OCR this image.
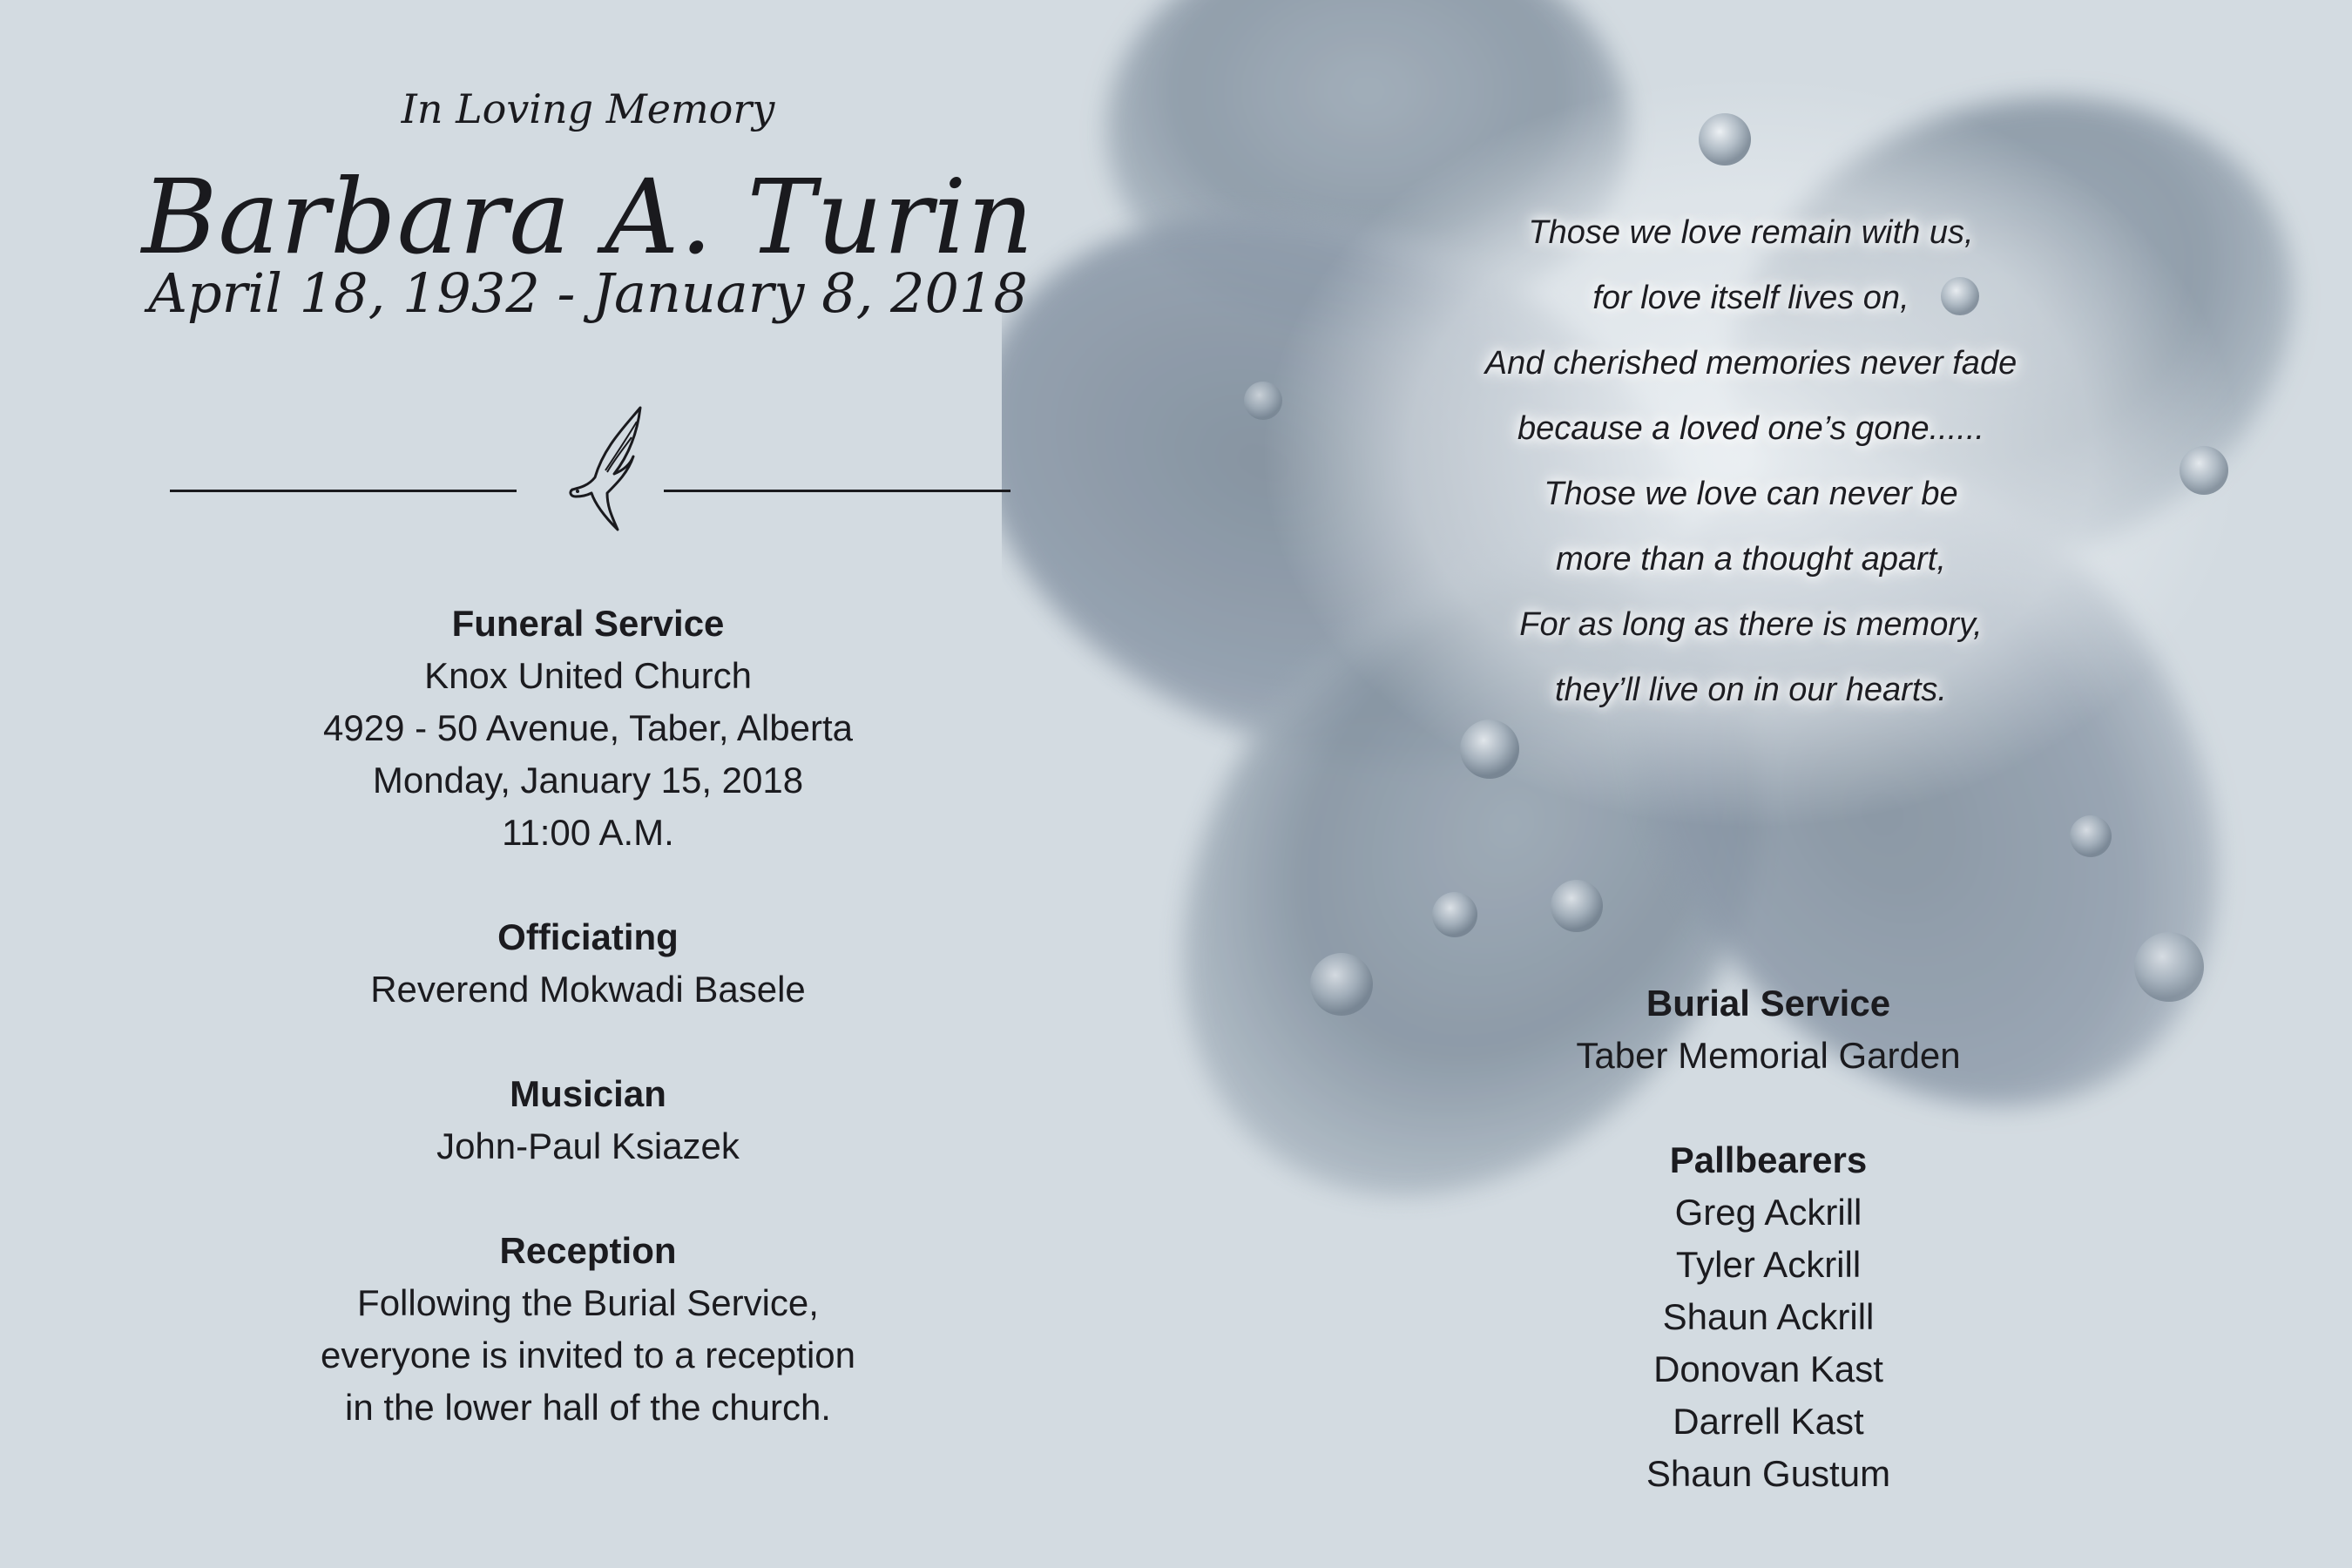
In Loving Memory
Barbara A. Turin
April 18, 1932 - January 8, 2018
Funeral Service
Knox United Church
4929 - 50 Avenue, Taber, Alberta
Monday, January 15, 2018
11:00 A.M.
Officiating
Reverend Mokwadi Basele
Musician
John-Paul Ksiazek
Reception
Following the Burial Service,
everyone is invited to a reception
in the lower hall of the church.
Those we love remain with us,
for love itself lives on,
And cherished memories never fade
because a loved one’s gone......
Those we love can never be
more than a thought apart,
For as long as there is memory,
they’ll live on in our hearts.
Burial Service
Taber Memorial Garden
Pallbearers
Greg Ackrill
Tyler Ackrill
Shaun Ackrill
Donovan Kast
Darrell Kast
Shaun Gustum
